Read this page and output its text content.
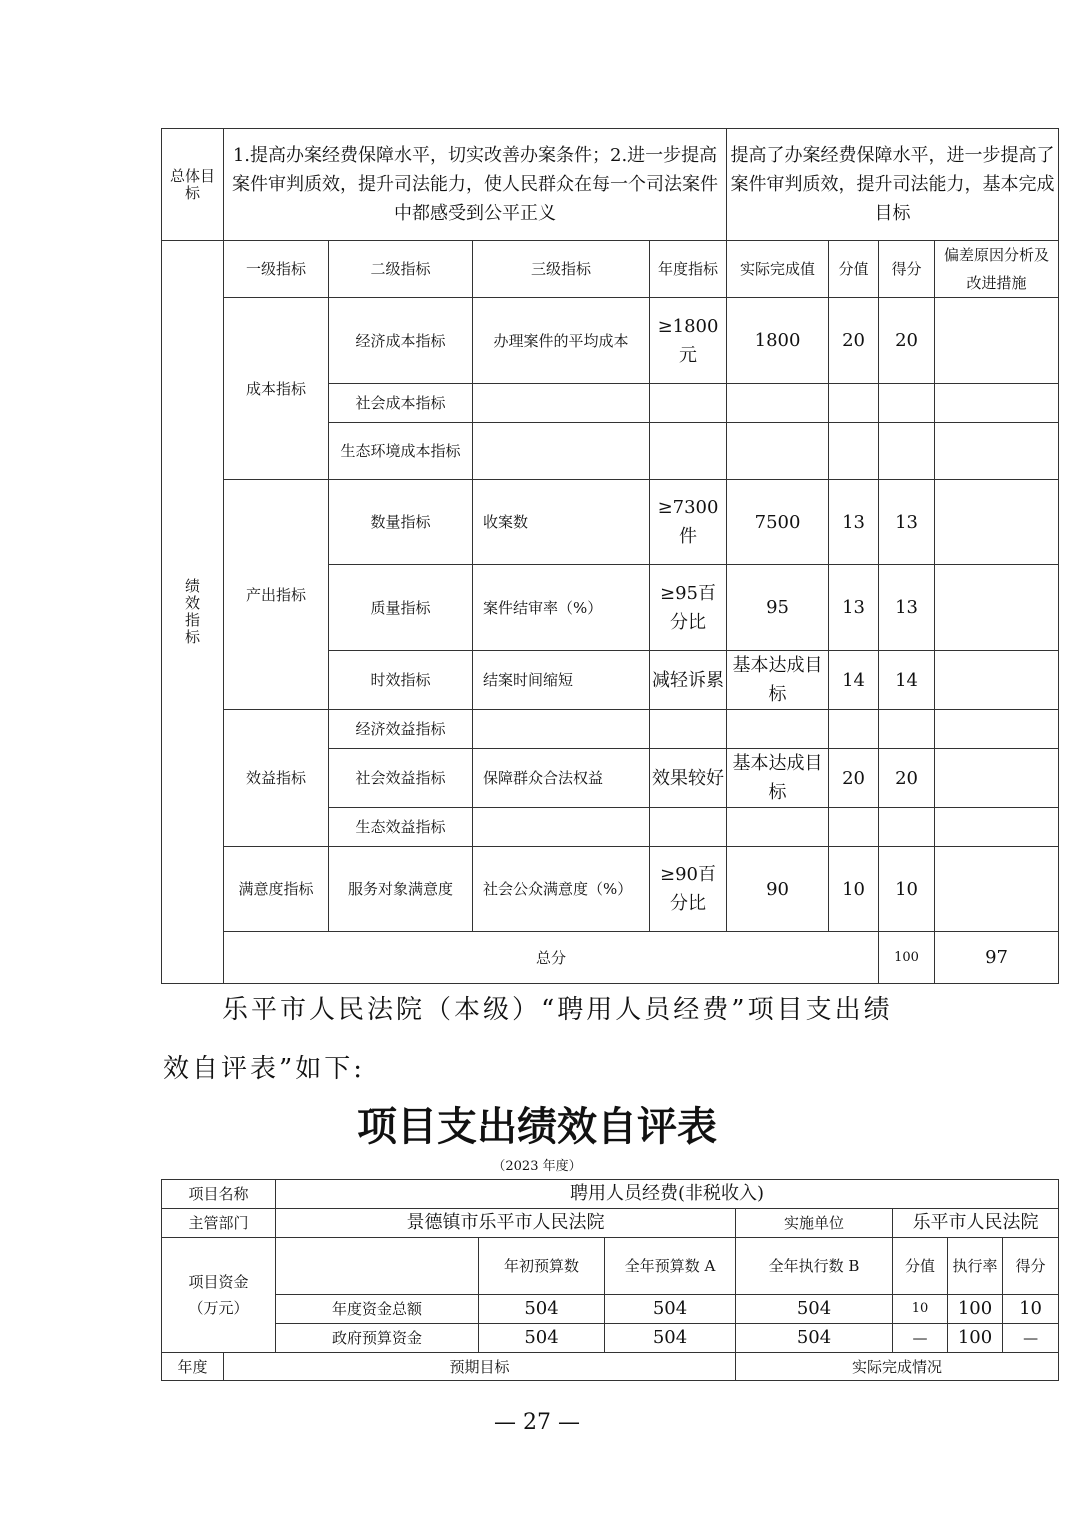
总体目标	1.提高办案经费保障水平，切实改善办案条件；2.进一步提高案件审判质效，提升司法能力，使人民群众在每一个司法案件中都感受到公平正义				提高了办案经费保障水平，进一步提高了案件审判质效，提升司法能力，基本完成目标				

绩效指标	一级指标	二级指标	三级指标	年度指标	实际完成值	分值	得分	偏差原因分析及改进措施	
	成本指标	经济成本指标	办理案件的平均成本	≥1800元	1800	20	20		
		社会成本指标							
		生态环境成本指标							
	产出指标	数量指标	收案数	≥7300件	7500	13	13		
		质量指标	案件结审率（%）	≥95百分比	95	13	13		
		时效指标	结案时间缩短	减轻诉累	基本达成目标	14	14		
	效益指标	经济效益指标							
		社会效益指标	保障群众合法权益	效果较好	基本达成目标	20	20		
		生态效益指标							
	满意度指标	服务对象满意度	社会公众满意度（%）	≥90百分比	90	10	10		
	总分						100	97	
乐平市人民法院（本级）“聘用人员经费”项目支出绩
效自评表”如下:
项目支出绩效自评表
（2023 年度）
项目名称		聘用人员经费(非税收入)						
主管部门		景德镇市乐平市人民法院			实施单位	乐平市人民法院		

项目资金
（万元）			年初预算数	全年预算数 A	全年执行数 B	分值	执行率	得分
		年度资金总额	504	504	504	10	100	10
		政府预算资金	504	504	504	—	100	—
年度	预期目标				实际完成情况			
— 27 —
